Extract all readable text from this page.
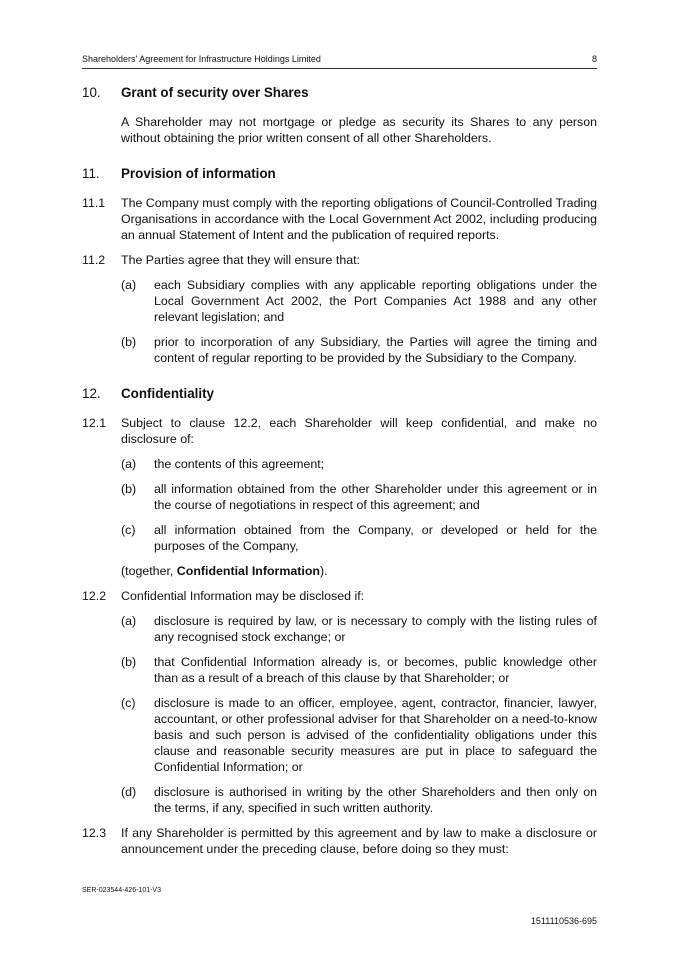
Shareholders' Agreement for Infrastructure Holdings Limited	8
10. Grant of security over Shares
A Shareholder may not mortgage or pledge as security its Shares to any person without obtaining the prior written consent of all other Shareholders.
11. Provision of information
11.1 The Company must comply with the reporting obligations of Council-Controlled Trading Organisations in accordance with the Local Government Act 2002, including producing an annual Statement of Intent and the publication of required reports.
11.2 The Parties agree that they will ensure that:
(a) each Subsidiary complies with any applicable reporting obligations under the Local Government Act 2002, the Port Companies Act 1988 and any other relevant legislation; and
(b) prior to incorporation of any Subsidiary, the Parties will agree the timing and content of regular reporting to be provided by the Subsidiary to the Company.
12. Confidentiality
12.1 Subject to clause 12.2, each Shareholder will keep confidential, and make no disclosure of:
(a) the contents of this agreement;
(b) all information obtained from the other Shareholder under this agreement or in the course of negotiations in respect of this agreement; and
(c) all information obtained from the Company, or developed or held for the purposes of the Company,
(together, Confidential Information).
12.2 Confidential Information may be disclosed if:
(a) disclosure is required by law, or is necessary to comply with the listing rules of any recognised stock exchange; or
(b) that Confidential Information already is, or becomes, public knowledge other than as a result of a breach of this clause by that Shareholder; or
(c) disclosure is made to an officer, employee, agent, contractor, financier, lawyer, accountant, or other professional adviser for that Shareholder on a need-to-know basis and such person is advised of the confidentiality obligations under this clause and reasonable security measures are put in place to safeguard the Confidential Information; or
(d) disclosure is authorised in writing by the other Shareholders and then only on the terms, if any, specified in such written authority.
12.3 If any Shareholder is permitted by this agreement and by law to make a disclosure or announcement under the preceding clause, before doing so they must:
SER-023544-426-101-V3
1511110536-695
